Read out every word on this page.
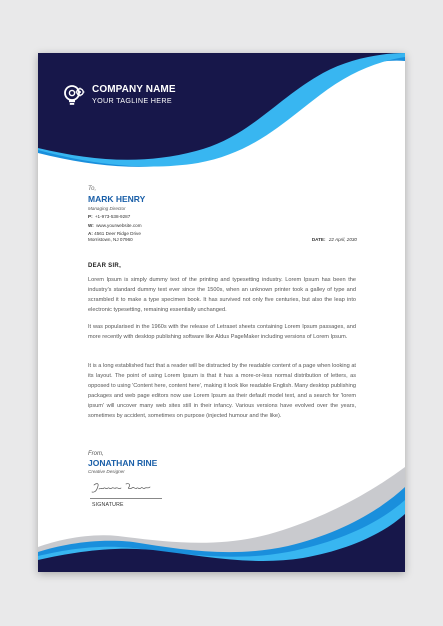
COMPANY NAME
YOUR TAGLINE HERE
To,
MARK HENRY
Managing Director
P: +1-973-538-9287
W: www.yourwebsite.com
A: 4561 Deer Ridge Drive
Morristown, NJ 07960	DATE: 22 April, 2030
DEAR SIR,

Lorem Ipsum is simply dummy text of the printing and typesetting industry. Lorem Ipsum has been the industry's standard dummy text ever since the 1500s, when an unknown printer took a galley of type and scrambled it to make a type specimen book. It has survived not only five centuries, but also the leap into electronic typesetting, remaining essentially unchanged.

It was popularised in the 1960s with the release of Letraset sheets containing Lorem Ipsum passages, and more recently with desktop publishing software like Aldus PageMaker including versions of Lorem Ipsum.

It is a long established fact that a reader will be distracted by the readable content of a page when looking at its layout. The point of using Lorem Ipsum is that it has a more-or-less normal distribution of letters, as opposed to using 'Content here, content here', making it look like readable English. Many desktop publishing packages and web page editors now use Lorem Ipsum as their default model text, and a search for 'lorem ipsum' will uncover many web sites still in their infancy. Various versions have evolved over the years, sometimes by accident, sometimes on purpose (injected humour and the like).

From,
JONATHAN RINE
Creative Designer
SIGNATURE
